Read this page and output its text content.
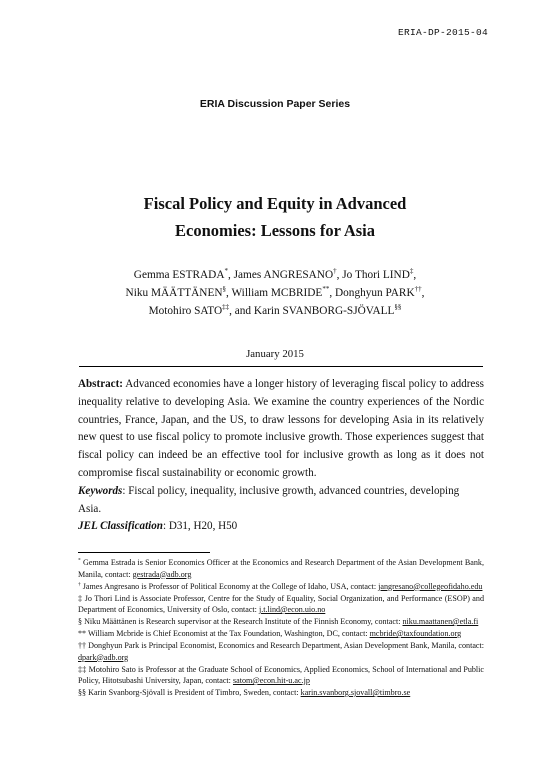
ERIA-DP-2015-04
ERIA Discussion Paper Series
Fiscal Policy and Equity in Advanced
Economies: Lessons for Asia
Gemma ESTRADA*, James ANGRESANO†, Jo Thori LIND‡,
Niku MÄÄTTÄNEN§, William MCBRIDE**, Donghyun PARK††,
Motohiro SATO‡‡, and Karin SVANBORG-SJÖVALL§§
January 2015

Abstract: Advanced economies have a longer history of leveraging fiscal policy to address inequality relative to developing Asia. We examine the country experiences of the Nordic countries, France, Japan, and the US, to draw lessons for developing Asia in its relatively new quest to use fiscal policy to promote inclusive growth. Those experiences suggest that fiscal policy can indeed be an effective tool for inclusive growth as long as it does not compromise fiscal sustainability or economic growth.

Keywords: Fiscal policy, inequality, inclusive growth, advanced countries, developing Asia.

JEL Classification: D31, H20, H50

* Gemma Estrada is Senior Economics Officer at the Economics and Research Department of the Asian Development Bank, Manila, contact: gestrada@adb.org

† James Angresano is Professor of Political Economy at the College of Idaho, USA, contact: jangresano@collegeofidaho.edu

‡ Jo Thori Lind is Associate Professor, Centre for the Study of Equality, Social Organization, and Performance (ESOP) and Department of Economics, University of Oslo, contact: j.t.lind@econ.uio.no

§ Niku Määttänen is Research supervisor at the Research Institute of the Finnish Economy, contact: niku.maattanen@etla.fi

** William Mcbride is Chief Economist at the Tax Foundation, Washington, DC, contact: mcbride@taxfoundation.org

†† Donghyun Park is Principal Economist, Economics and Research Department, Asian Development Bank, Manila, contact: dpark@adb.org

‡‡ Motohiro Sato is Professor at the Graduate School of Economics, Applied Economics, School of International and Public Policy, Hitotsubashi University, Japan, contact: satom@econ.hit-u.ac.jp

§§ Karin Svanborg-Sjövall is President of Timbro, Sweden, contact: karin.svanborg.sjovall@timbro.se
